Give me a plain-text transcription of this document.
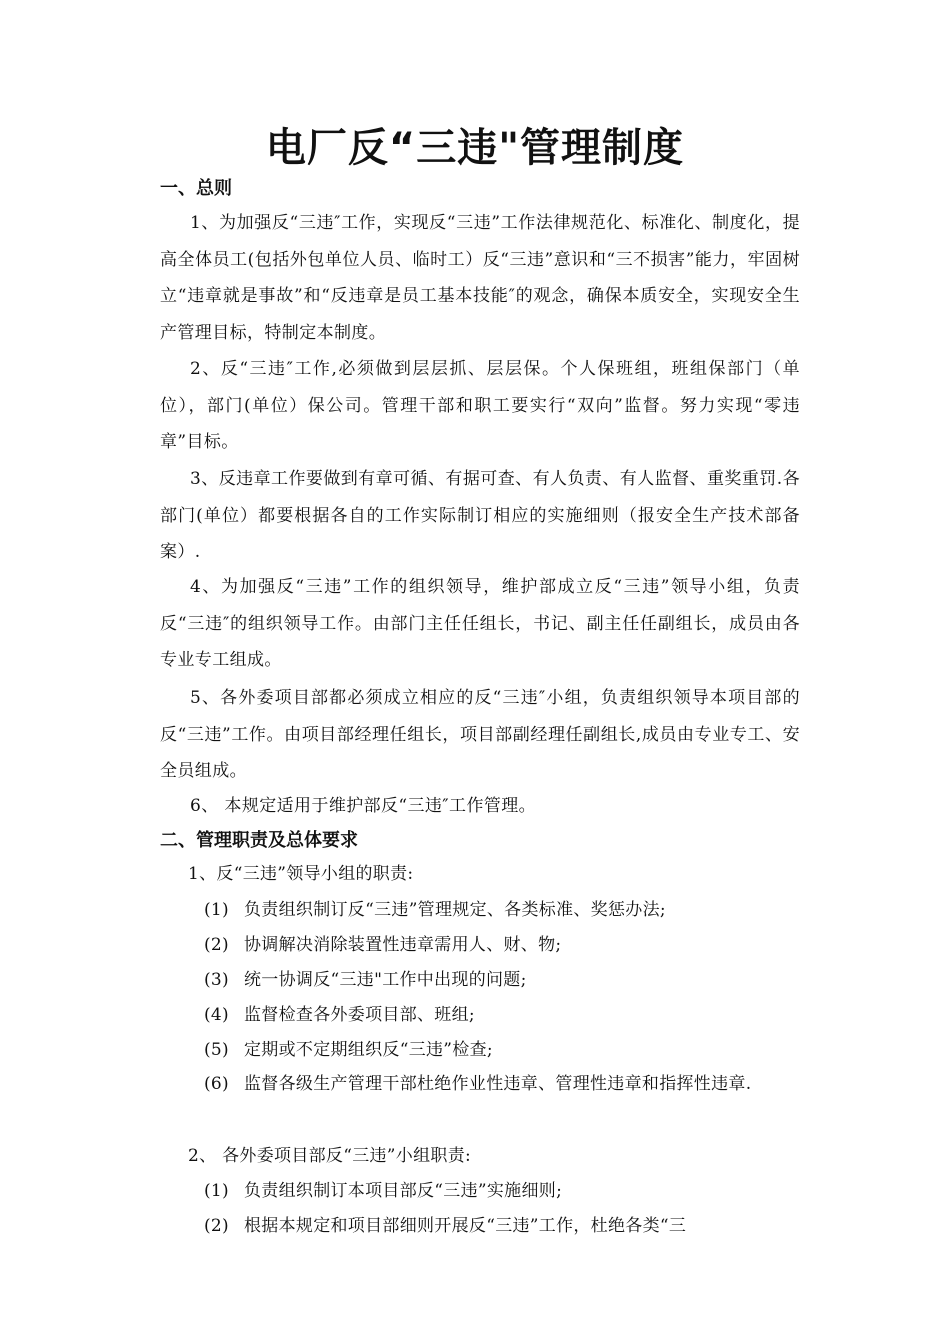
电厂反“三违"管理制度
一、总则
1、为加强反“三违″工作，实现反“三违”工作法律规范化、标准化、制度化，提高全体员工(包括外包单位人员、临时工）反“三违”意识和“三不损害”能力，牢固树立“违章就是事故”和“反违章是员工基本技能″的观念，确保本质安全，实现安全生产管理目标，特制定本制度。
2、反“三违″工作,必须做到层层抓、层层保。个人保班组，班组保部门（单位），部门(单位）保公司。管理干部和职工要实行“双向”监督。努力实现“零违章”目标。
3、反违章工作要做到有章可循、有据可查、有人负责、有人监督、重奖重罚.各部门(单位）都要根据各自的工作实际制订相应的实施细则（报安全生产技术部备案）.
4、为加强反“三违”工作的组织领导，维护部成立反“三违”领导小组，负责反“三违″的组织领导工作。由部门主任任组长，书记、副主任任副组长，成员由各专业专工组成。
5、各外委项目部都必须成立相应的反“三违″小组，负责组织领导本项目部的反“三违”工作。由项目部经理任组长，项目部副经理任副组长,成员由专业专工、安全员组成。
6、 本规定适用于维护部反“三违″工作管理。
二、管理职责及总体要求
1、反“三违”领导小组的职责:
(1) 负责组织制订反“三违”管理规定、各类标准、奖惩办法;
(2) 协调解决消除装置性违章需用人、财、物;
(3) 统一协调反“三违"工作中出现的问题;
(4) 监督检查各外委项目部、班组;
(5) 定期或不定期组织反“三违”检查;
(6) 监督各级生产管理干部杜绝作业性违章、管理性违章和指挥性违章.
2、 各外委项目部反“三违”小组职责:
(1) 负责组织制订本项目部反“三违”实施细则;
(2) 根据本规定和项目部细则开展反“三违”工作，杜绝各类“三
